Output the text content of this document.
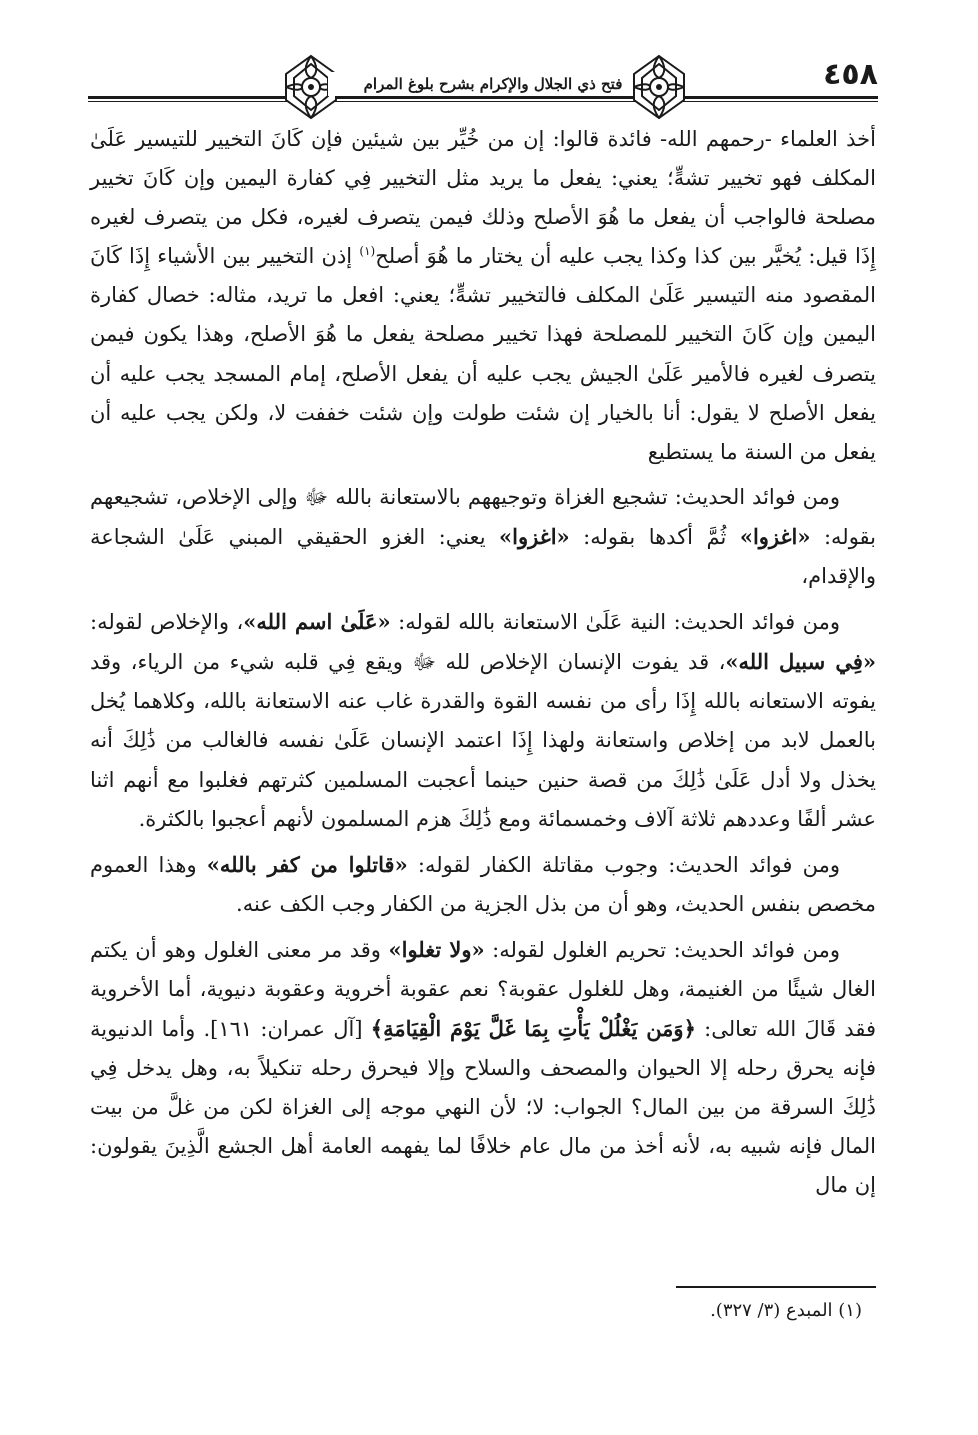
٤٥٨
فتح ذي الجلال والإكرام بشرح بلوغ المرام

أخذ العلماء -رحمهم الله- فائدة قالوا: إن من خُيِّر بين شيئين فإن كَانَ التخيير للتيسير عَلَىٰ المكلف فهو تخيير تشهٍّ؛ يعني: يفعل ما يريد مثل التخيير فِي كفارة اليمين وإن كَانَ تخيير مصلحة فالواجب أن يفعل ما هُوَ الأصلح وذلك فيمن يتصرف لغيره، فكل من يتصرف لغيره إِذَا قيل: يُخيَّر بين كذا وكذا يجب عليه أن يختار ما هُوَ أصلح$^{(١)}$ إذن التخيير بين الأشياء إِذَا كَانَ المقصود منه التيسير عَلَىٰ المكلف فالتخيير تشهٍّ؛ يعني: افعل ما تريد، مثاله: خصال كفارة اليمين وإن كَانَ التخيير للمصلحة فهذا تخيير مصلحة يفعل ما هُوَ الأصلح، وهذا يكون فيمن يتصرف لغيره فالأمير عَلَىٰ الجيش يجب عليه أن يفعل الأصلح، إمام المسجد يجب عليه أن يفعل الأصلح لا يقول: أنا بالخيار إن شئت طولت وإن شئت خففت لا، ولكن يجب عليه أن يفعل من السنة ما يستطيع

ومن فوائد الحديث: تشجيع الغزاة وتوجيههم بالاستعانة بالله ﷻ وإلى الإخلاص، تشجيعهم بقوله: «اغزوا» ثُمَّ أكدها بقوله: «اغزوا» يعني: الغزو الحقيقي المبني عَلَىٰ الشجاعة والإقدام،

ومن فوائد الحديث: النية عَلَىٰ الاستعانة بالله لقوله: «عَلَىٰ اسم الله»، والإخلاص لقوله: «فِي سبيل الله»، قد يفوت الإنسان الإخلاص لله ﷻ ويقع فِي قلبه شيء من الرياء، وقد يفوته الاستعانه بالله إِذَا رأى من نفسه القوة والقدرة غاب عنه الاستعانة بالله، وكلاهما يُخل بالعمل لابد من إخلاص واستعانة ولهذا إِذَا اعتمد الإنسان عَلَىٰ نفسه فالغالب من ذَٰلِكَ أنه يخذل ولا أدل عَلَىٰ ذَٰلِكَ من قصة حنين حينما أعجبت المسلمين كثرتهم فغلبوا مع أنهم اثنا عشر ألفًا وعددهم ثلاثة آلاف وخمسمائة ومع ذَٰلِكَ هزم المسلمون لأنهم أعجبوا بالكثرة.

ومن فوائد الحديث: وجوب مقاتلة الكفار لقوله: «قاتلوا من كفر بالله» وهذا العموم مخصص بنفس الحديث، وهو أن من بذل الجزية من الكفار وجب الكف عنه.

ومن فوائد الحديث: تحريم الغلول لقوله: «ولا تغلوا» وقد مر معنى الغلول وهو أن يكتم الغال شيئًا من الغنيمة، وهل للغلول عقوبة؟ نعم عقوبة أخروية وعقوبة دنيوية، أما الأخروية فقد قَالَ الله تعالى: ﴿وَمَن يَغْلُلْ يَأْتِ بِمَا غَلَّ يَوْمَ الْقِيَامَةِ﴾ [آل عمران: ١٦١]. وأما الدنيوية فإنه يحرق رحله إلا الحيوان والمصحف والسلاح وإلا فيحرق رحله تنكيلاً به، وهل يدخل فِي ذَٰلِكَ السرقة من بين المال؟ الجواب: لا؛ لأن النهي موجه إلى الغزاة لكن من غلَّ من بيت المال فإنه شبيه به، لأنه أخذ من مال عام خلافًا لما يفهمه العامة أهل الجشع الَّذِينَ يقولون: إن مال

(١) المبدع (٣/ ٣٢٧).
